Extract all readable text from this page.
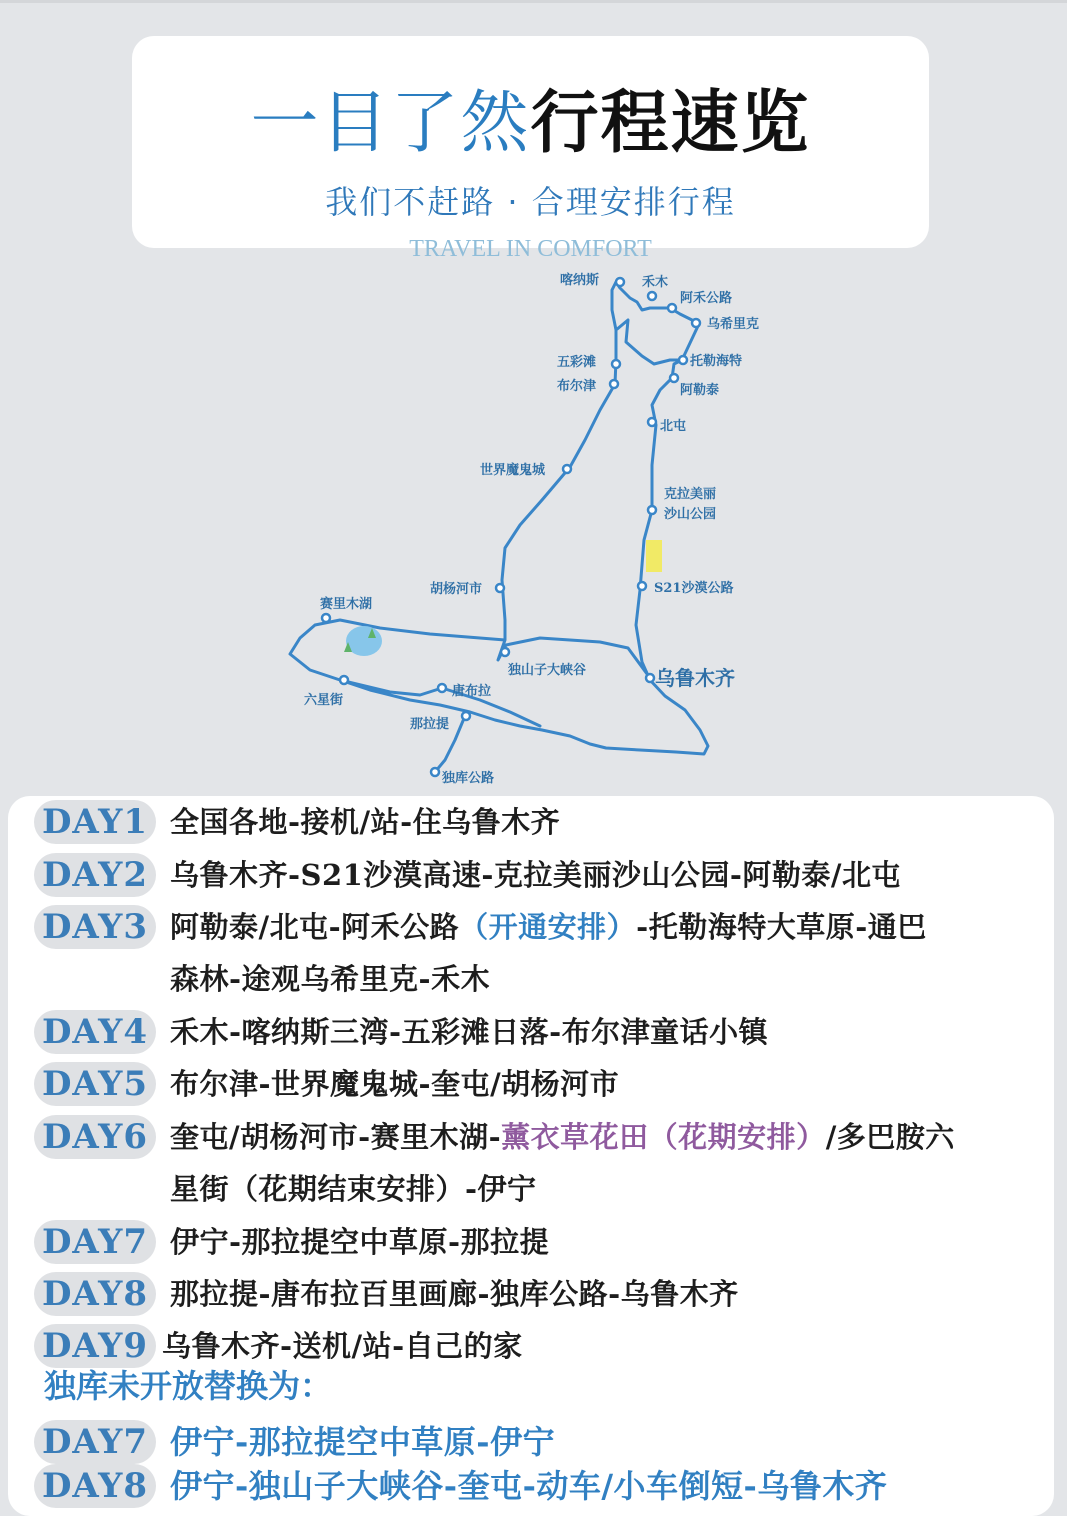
一目了然行程速览
我们不赶路 · 合理安排行程
TRAVEL IN COMFORT
喀纳斯	禾木
阿禾公路
乌希里克
五彩滩	托勒海特
布尔津	阿勒泰
北屯
世界魔鬼城
克拉美丽
沙山公园
S21沙漠公路
胡杨河市
赛里木湖
独山子大峡谷	乌鲁木齐
六星街
唐布拉
那拉提
独库公路
DAY1 全国各地-接机/站-住乌鲁木齐
DAY2 乌鲁木齐-S21沙漠高速-克拉美丽沙山公园-阿勒泰/北屯
DAY3 阿勒泰/北屯-阿禾公路（开通安排）-托勒海特大草原-通巴
森林-途观乌希里克-禾木
DAY4 禾木-喀纳斯三湾-五彩滩日落-布尔津童话小镇
DAY5 布尔津-世界魔鬼城-奎屯/胡杨河市
DAY6 奎屯/胡杨河市-赛里木湖-薰衣草花田（花期安排）/多巴胺六
星街（花期结束安排）-伊宁
DAY7 伊宁-那拉提空中草原-那拉提
DAY8 那拉提-唐布拉百里画廊-独库公路-乌鲁木齐
DAY9 乌鲁木齐-送机/站-自己的家
独库未开放替换为：
DAY7 伊宁-那拉提空中草原-伊宁
DAY8 伊宁-独山子大峡谷-奎屯-动车/小车倒短-乌鲁木齐
